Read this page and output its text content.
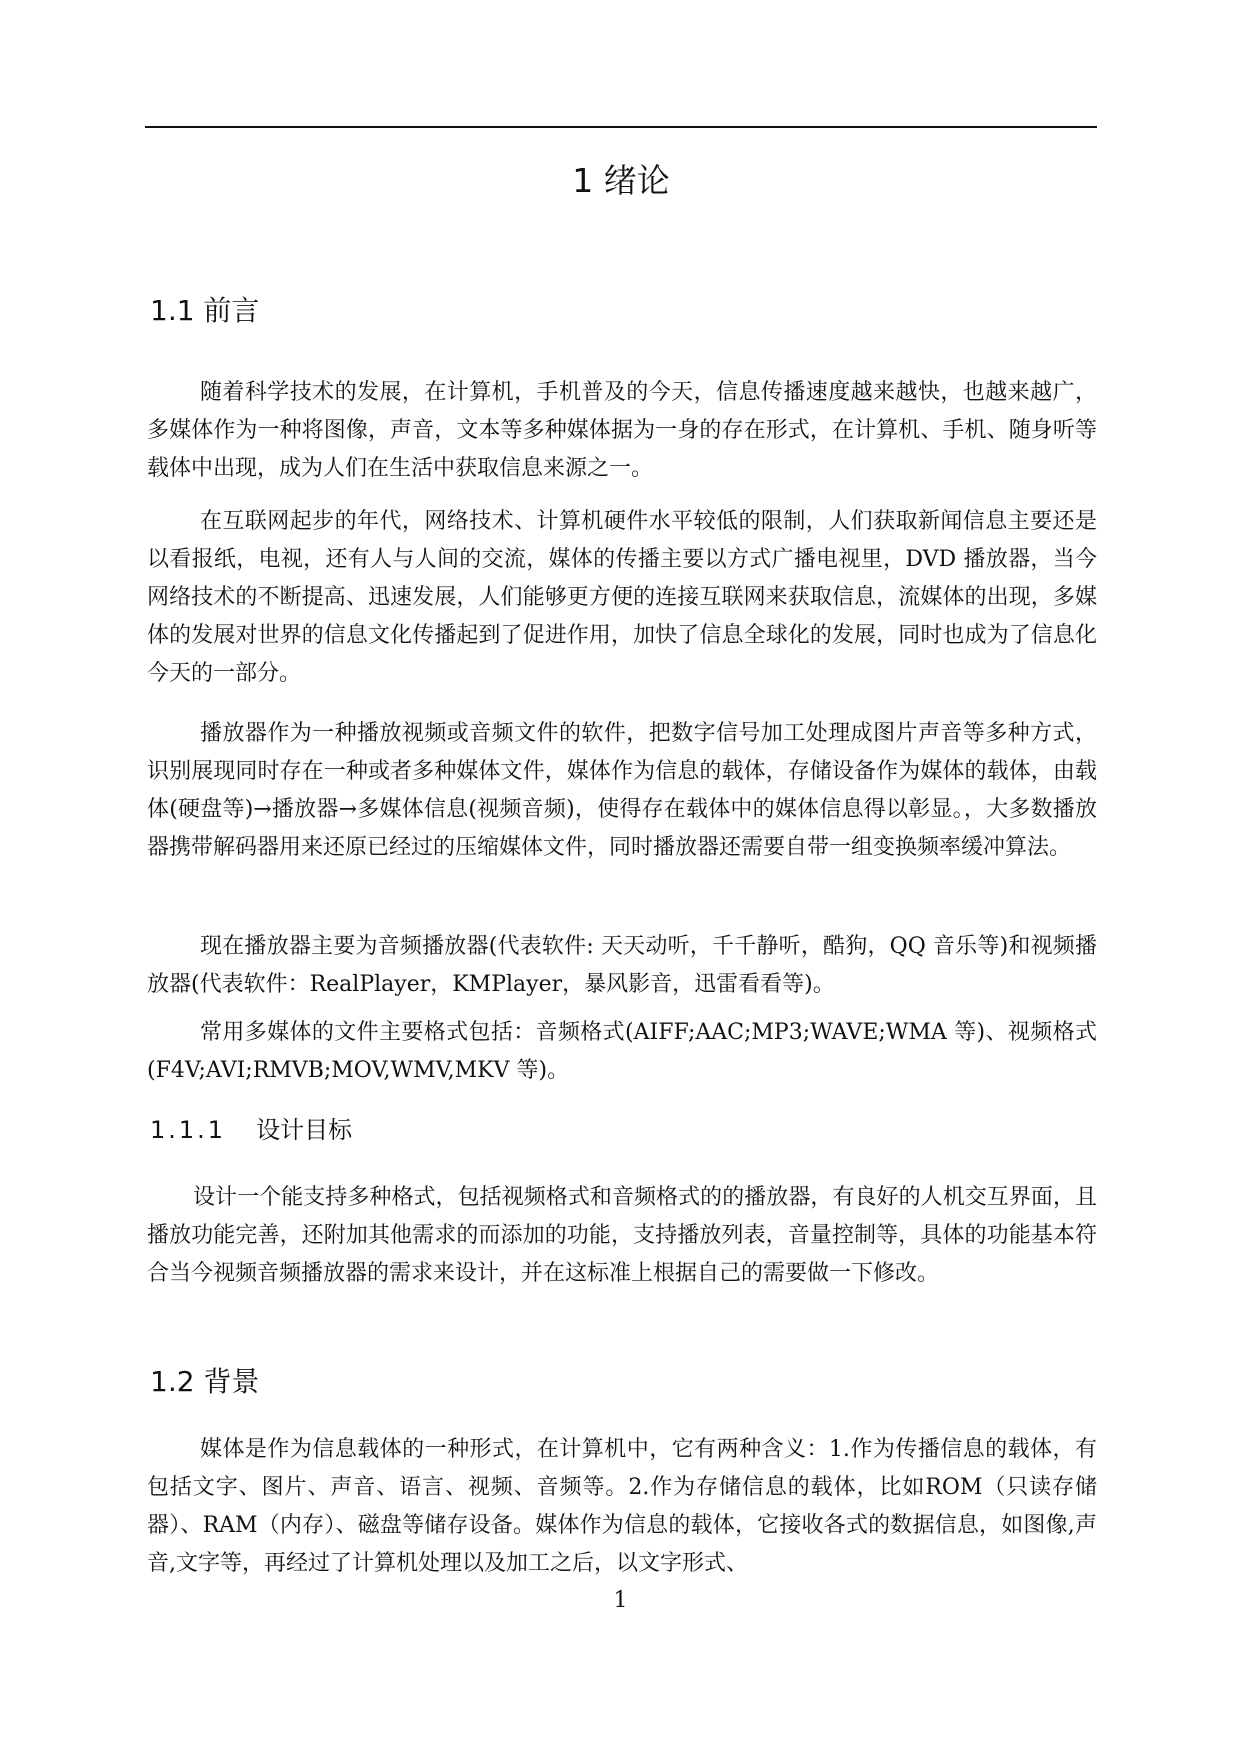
1 绪论
1.1 前言

随着科学技术的发展，在计算机，手机普及的今天，信息传播速度越来越快，也越来越广，多媒体作为一种将图像，声音，文本等多种媒体据为一身的存在形式，在计算机、手机、随身听等载体中出现，成为人们在生活中获取信息来源之一。

在互联网起步的年代，网络技术、计算机硬件水平较低的限制，人们获取新闻信息主要还是以看报纸，电视，还有人与人间的交流，媒体的传播主要以方式广播电视里，DVD 播放器，当今网络技术的不断提高、迅速发展，人们能够更方便的连接互联网来获取信息，流媒体的出现，多媒体的发展对世界的信息文化传播起到了促进作用，加快了信息全球化的发展，同时也成为了信息化今天的一部分。

播放器作为一种播放视频或音频文件的软件，把数字信号加工处理成图片声音等多种方式，识别展现同时存在一种或者多种媒体文件，媒体作为信息的载体，存储设备作为媒体的载体，由载体(硬盘等)→播放器→多媒体信息(视频音频)，使得存在载体中的媒体信息得以彰显。，大多数播放器携带解码器用来还原已经过的压缩媒体文件，同时播放器还需要自带一组变换频率缓冲算法。

现在播放器主要为音频播放器(代表软件: 天天动听，千千静听，酷狗，QQ 音乐等)和视频播放器(代表软件：RealPlayer，KMPlayer，暴风影音，迅雷看看等)。

常用多媒体的文件主要格式包括：音频格式(AIFF;AAC;MP3;WAVE;WMA 等)、视频格式(F4V;AVI;RMVB;MOV,WMV,MKV 等)。

1.1.1 设计目标

设计一个能支持多种格式，包括视频格式和音频格式的的播放器，有良好的人机交互界面，且播放功能完善，还附加其他需求的而添加的功能，支持播放列表，音量控制等，具体的功能基本符合当今视频音频播放器的需求来设计，并在这标准上根据自己的需要做一下修改。

1.2 背景

媒体是作为信息载体的一种形式，在计算机中，它有两种含义：1.作为传播信息的载体，有包括文字、图片、声音、语言、视频、音频等。2.作为存储信息的载体，比如ROM（只读存储器）、RAM（内存）、磁盘等储存设备。媒体作为信息的载体，它接收各式的数据信息，如图像,声音,文字等，再经过了计算机处理以及加工之后，以文字形式、

1
